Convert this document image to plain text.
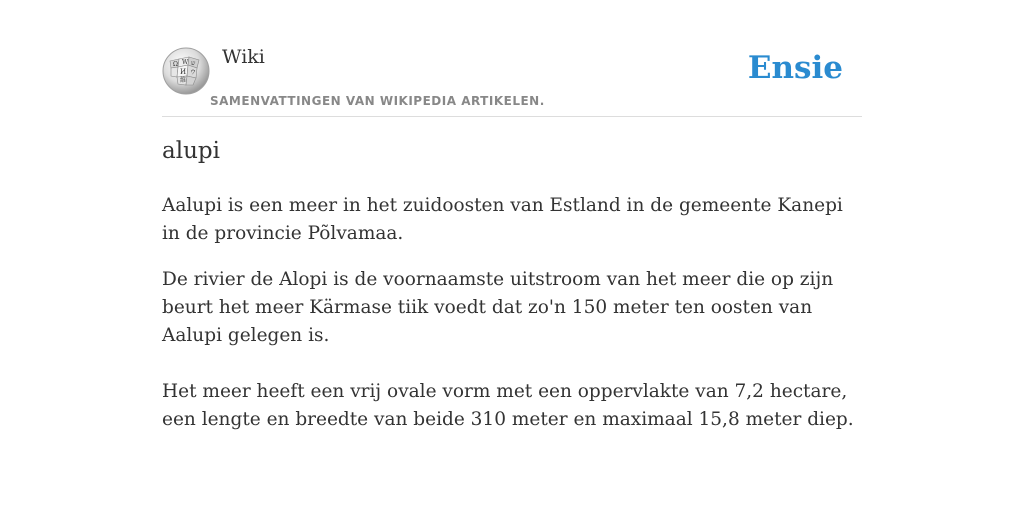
Ω W ש
И ウ
維
Wiki
SAMENVATTINGEN VAN WIKIPEDIA ARTIKELEN.
Ensie
alupi

Aalupi is een meer in het zuidoosten van Estland in de gemeente Kanepi in de provincie Põlvamaa.

De rivier de Alopi is de voornaamste uitstroom van het meer die op zijn beurt het meer Kärmase tiik voedt dat zo'n 150 meter ten oosten van Aalupi gelegen is.

Het meer heeft een vrij ovale vorm met een oppervlakte van 7,2 hectare, een lengte en breedte van beide 310 meter en maximaal 15,8 meter diep.
